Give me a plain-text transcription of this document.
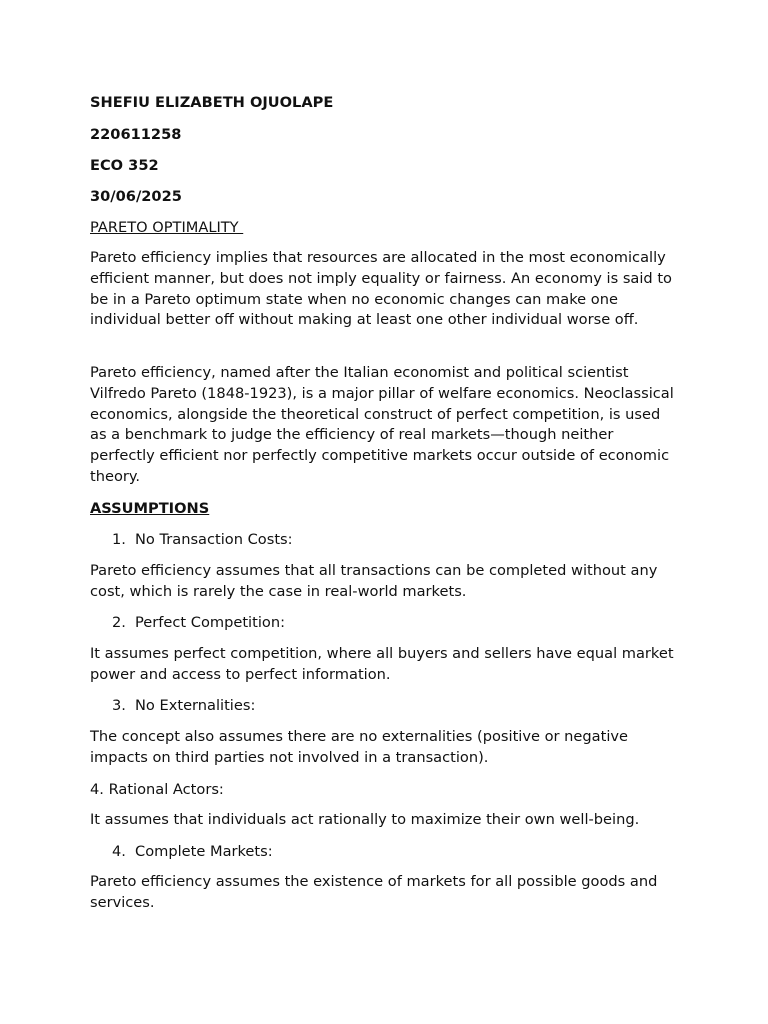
SHEFIU ELIZABETH OJUOLAPE
220611258
ECO 352
30/06/2025
PARETO OPTIMALITY
Pareto efficiency implies that resources are allocated in the most economically efficient manner, but does not imply equality or fairness. An economy is said to be in a Pareto optimum state when no economic changes can make one individual better off without making at least one other individual worse off.
Pareto efficiency, named after the Italian economist and political scientist Vilfredo Pareto (1848-1923), is a major pillar of welfare economics. Neoclassical economics, alongside the theoretical construct of perfect competition, is used as a benchmark to judge the efficiency of real markets—though neither perfectly efficient nor perfectly competitive markets occur outside of economic theory.
ASSUMPTIONS
1. No Transaction Costs:
Pareto efficiency assumes that all transactions can be completed without any cost, which is rarely the case in real-world markets.
2. Perfect Competition:
It assumes perfect competition, where all buyers and sellers have equal market power and access to perfect information.
3. No Externalities:
The concept also assumes there are no externalities (positive or negative impacts on third parties not involved in a transaction).
4. Rational Actors:
It assumes that individuals act rationally to maximize their own well-being.
4. Complete Markets:
Pareto efficiency assumes the existence of markets for all possible goods and services.
